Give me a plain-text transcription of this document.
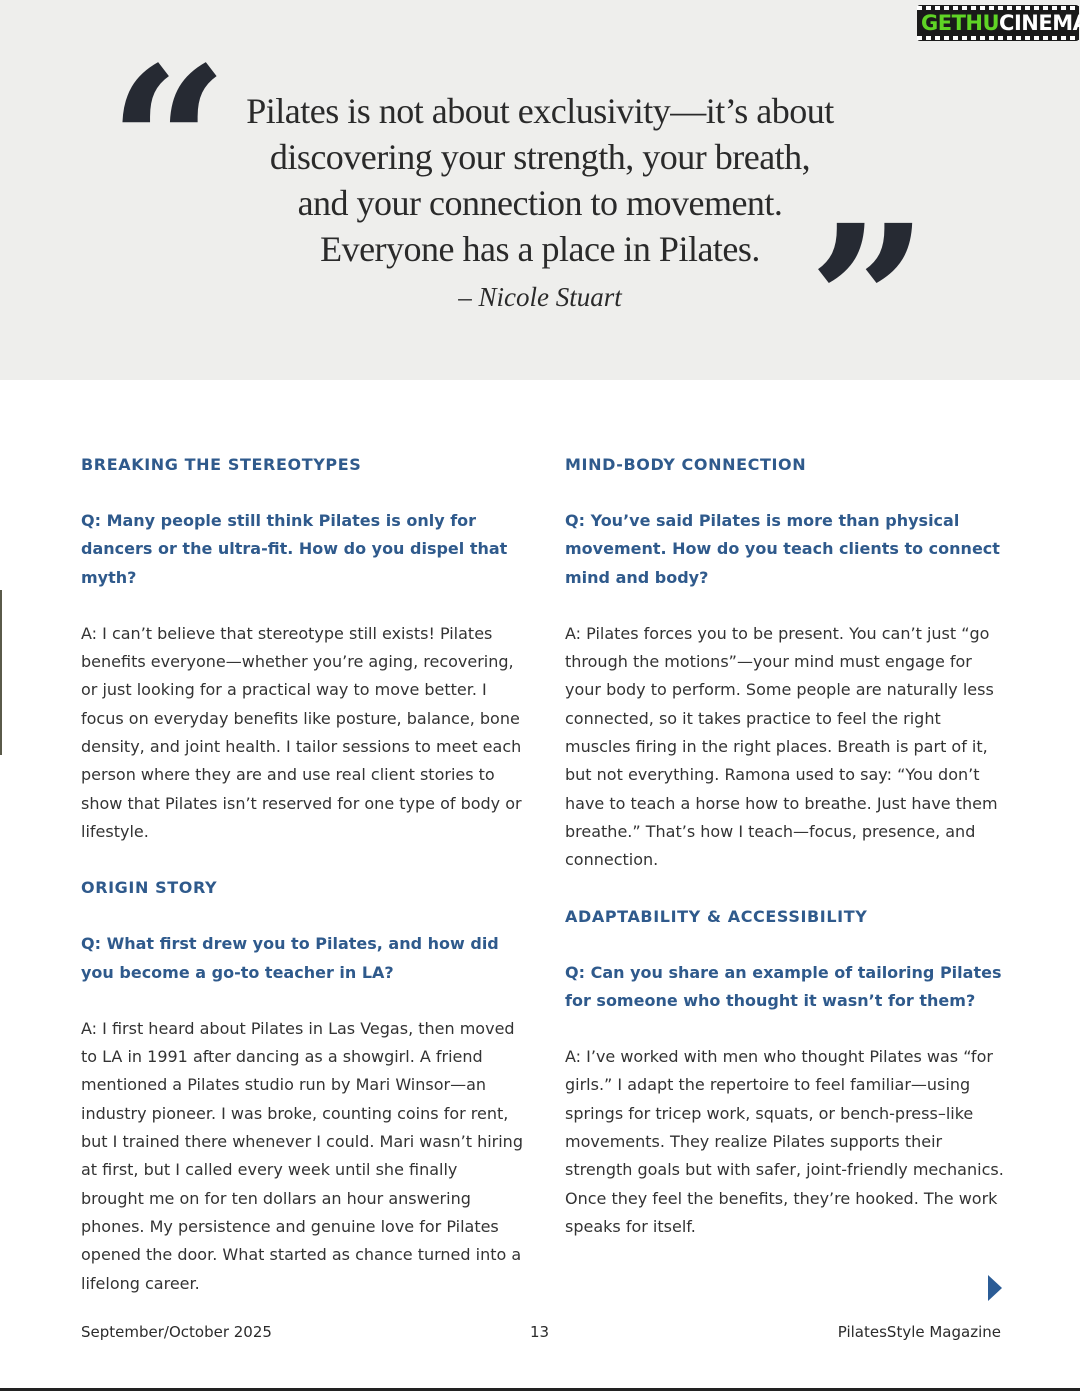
“ Pilates is not about exclusivity—it’s about
discovering your strength, your breath,
and your connection to movement.
Everyone has a place in Pilates.
– Nicole Stuart ”
GETHUCINEMA
BREAKING THE STEREOTYPES
Q: Many people still think Pilates is only for dancers or the ultra-fit. How do you dispel that myth?
A: I can’t believe that stereotype still exists! Pilates benefits everyone—whether you’re aging, recovering, or just looking for a practical way to move better. I focus on everyday benefits like posture, balance, bone density, and joint health. I tailor sessions to meet each person where they are and use real client stories to show that Pilates isn’t reserved for one type of body or lifestyle.
ORIGIN STORY
Q: What first drew you to Pilates, and how did you become a go-to teacher in LA?
A: I first heard about Pilates in Las Vegas, then moved to LA in 1991 after dancing as a showgirl. A friend mentioned a Pilates studio run by Mari Winsor—an industry pioneer. I was broke, counting coins for rent, but I trained there whenever I could. Mari wasn’t hiring at first, but I called every week until she finally brought me on for ten dollars an hour answering phones. My persistence and genuine love for Pilates opened the door. What started as chance turned into a lifelong career.
MIND-BODY CONNECTION
Q: You’ve said Pilates is more than physical movement. How do you teach clients to connect mind and body?
A: Pilates forces you to be present. You can’t just “go through the motions”—your mind must engage for your body to perform. Some people are naturally less connected, so it takes practice to feel the right muscles firing in the right places. Breath is part of it, but not everything. Ramona used to say: “You don’t have to teach a horse how to breathe. Just have them breathe.” That’s how I teach—focus, presence, and connection.
ADAPTABILITY & ACCESSIBILITY
Q: Can you share an example of tailoring Pilates for someone who thought it wasn’t for them?
A: I’ve worked with men who thought Pilates was “for girls.” I adapt the repertoire to feel familiar—using springs for tricep work, squats, or bench-press–like movements. They realize Pilates supports their strength goals but with safer, joint-friendly mechanics. Once they feel the benefits, they’re hooked. The work speaks for itself.
September/October 2025	13	PilatesStyle Magazine
